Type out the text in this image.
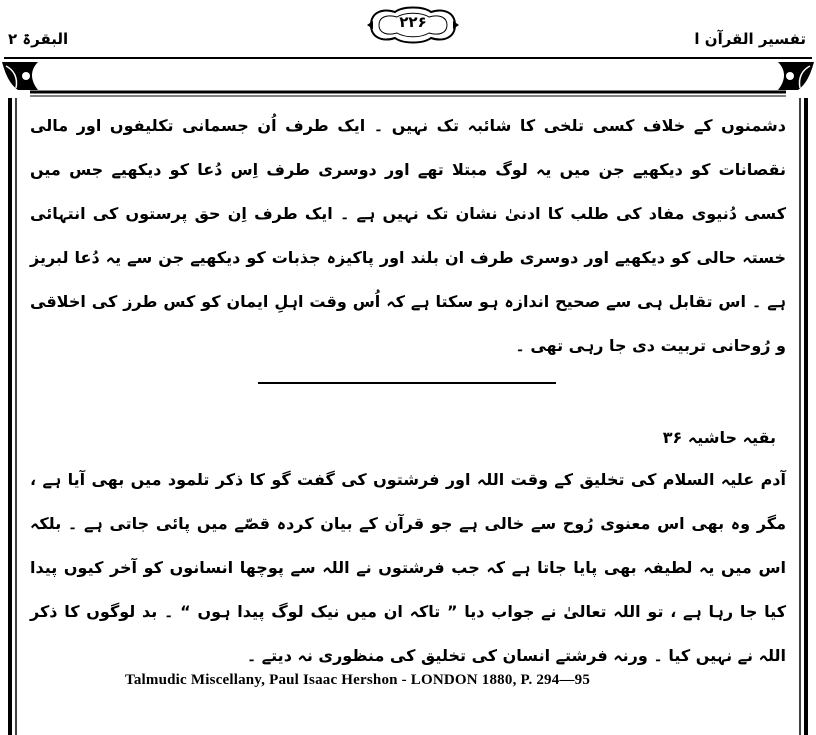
البقرۃ ۲	تفسیر القرآن ا
۲۲۶

دشمنوں کے خلاف کسی تلخی کا شائبہ تک نہیں ۔ ایک طرف اُن جسمانی تکلیفوں اور مالی نقصانات کو دیکھیے جن میں یہ لوگ مبتلا تھے اور دوسری طرف اِس دُعا کو دیکھیے جس میں کسی دُنیوی مفاد کی طلب کا ادنیٰ نشان تک نہیں ہے ۔ ایک طرف اِن حق پرستوں کی انتہائی خستہ حالی کو دیکھیے اور دوسری طرف ان بلند اور پاکیزہ جذبات کو دیکھیے جن سے یہ دُعا لبریز ہے ۔ اس تقابل ہی سے صحیح اندازہ ہو سکتا ہے کہ اُس وقت اہلِ ایمان کو کس طرز کی اخلاقی و رُوحانی تربیت دی جا رہی تھی ۔

بقیہ حاشیہ ۳۶

آدم علیہ السلام کی تخلیق کے وقت اللہ اور فرشتوں کی گفت گو کا ذکر تلمود میں بھی آیا ہے ، مگر وہ بھی اس معنوی رُوح سے خالی ہے جو قرآن کے بیان کردہ قصّے میں پائی جاتی ہے ۔ بلکہ اس میں یہ لطیفہ بھی پایا جاتا ہے کہ جب فرشتوں نے اللہ سے پوچھا انسانوں کو آخر کیوں پیدا کیا جا رہا ہے ، تو اللہ تعالیٰ نے جواب دیا ” تاکہ ان میں نیک لوگ پیدا ہوں “ ۔ بد لوگوں کا ذکر اللہ نے نہیں کیا ۔ ورنہ فرشتے انسان کی تخلیق کی منظوری نہ دیتے ۔

Talmudic Miscellany, Paul Isaac Hershon - LONDON 1880, P. 294—95
